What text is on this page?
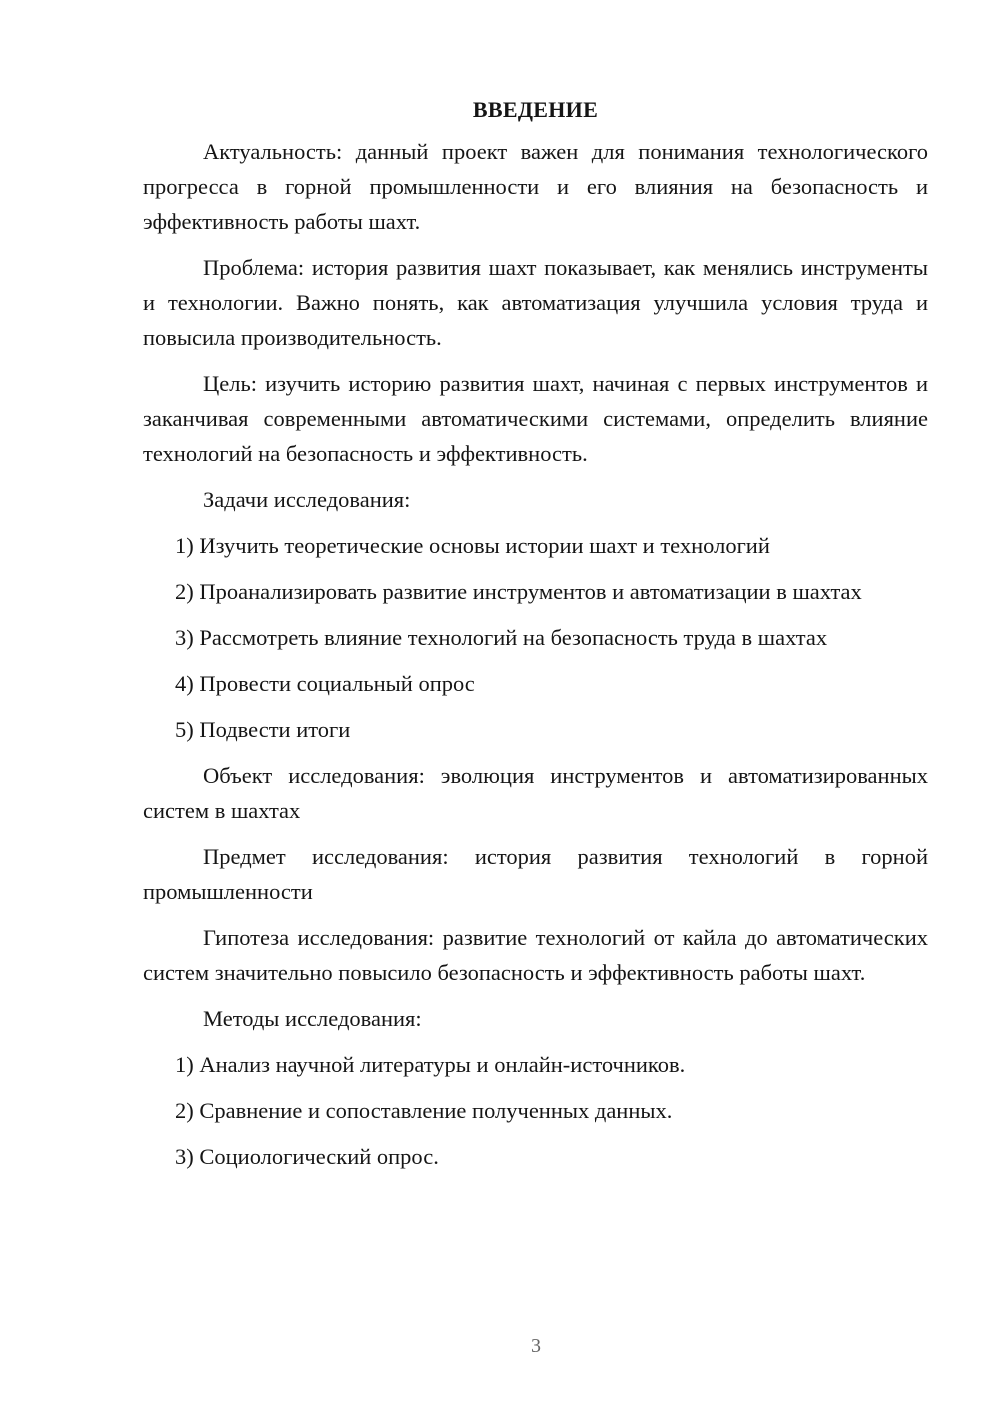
ВВЕДЕНИЕ

Актуальность: данный проект важен для понимания технологического прогресса в горной промышленности и его влияния на безопасность и эффективность работы шахт.

Проблема: история развития шахт показывает, как менялись инструменты и технологии. Важно понять, как автоматизация улучшила условия труда и повысила производительность.

Цель: изучить историю развития шахт, начиная с первых инструментов и заканчивая современными автоматическими системами, определить влияние технологий на безопасность и эффективность.

Задачи исследования:

1) Изучить теоретические основы истории шахт и технологий

2) Проанализировать развитие инструментов и автоматизации в шахтах

3) Рассмотреть влияние технологий на безопасность труда в шахтах

4) Провести социальный опрос

5) Подвести итоги

Объект исследования: эволюция инструментов и автоматизированных систем в шахтах

Предмет исследования: история развития технологий в горной промышленности

Гипотеза исследования: развитие технологий от кайла до автоматических систем значительно повысило безопасность и эффективность работы шахт.

Методы исследования:

1) Анализ научной литературы и онлайн-источников.

2) Сравнение и сопоставление полученных данных.

3) Социологический опрос.

3
